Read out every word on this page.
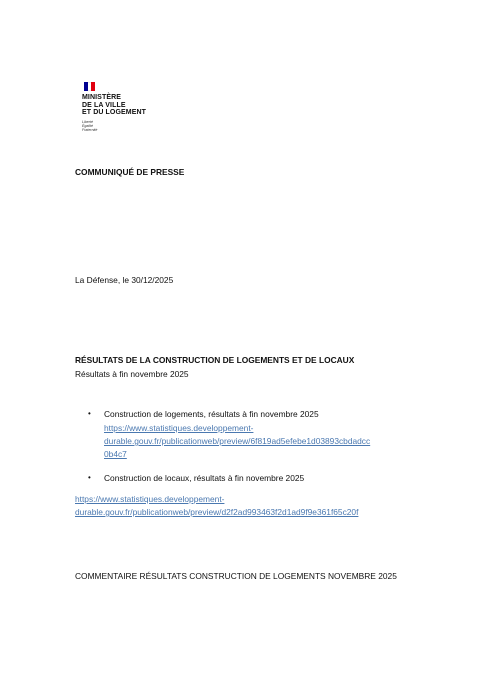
MINISTÈRE
DE LA VILLE
ET DU LOGEMENT
Liberté
Égalité
Fraternité
COMMUNIQUÉ DE PRESSE
La Défense, le 30/12/2025
RÉSULTATS DE LA CONSTRUCTION DE LOGEMENTS ET DE LOCAUX
Résultats à fin novembre 2025
• Construction de logements, résultats à fin novembre 2025
https://www.statistiques.developpement-
durable.gouv.fr/publicationweb/preview/6f819ad5efebe1d03893cbdadcc
0b4c7
• Construction de locaux, résultats à fin novembre 2025
https://www.statistiques.developpement-
durable.gouv.fr/publicationweb/preview/d2f2ad993463f2d1ad9f9e361f65c20f
COMMENTAIRE RÉSULTATS CONSTRUCTION DE LOGEMENTS NOVEMBRE 2025
